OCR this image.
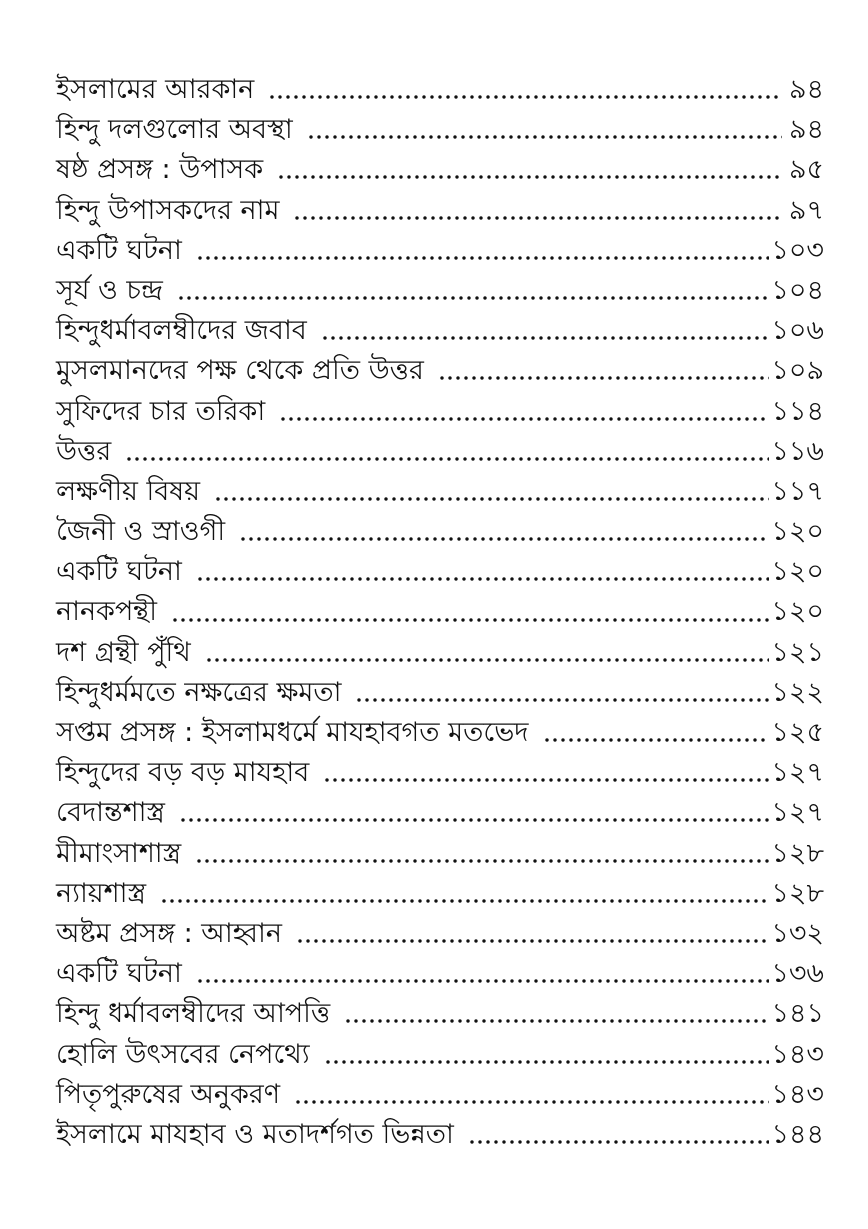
ইসলামের আরকান	৯৪
হিন্দু দলগুলোর অবস্থা	৯৪
ষষ্ঠ প্রসঙ্গ : উপাসক	৯৫
হিন্দু উপাসকদের নাম	৯৭
একটি ঘটনা	১০৩
সূর্য ও চন্দ্র	১০৪
হিন্দুধর্মাবলম্বীদের জবাব	১০৬
মুসলমানদের পক্ষ থেকে প্রতি উত্তর	১০৯
সুফিদের চার তরিকা	১১৪
উত্তর	১১৬
লক্ষণীয় বিষয়	১১৭
জৈনী ও স্রাওগী	১২০
একটি ঘটনা	১২০
নানকপন্থী	১২০
দশ গ্রন্থী পুঁথি	১২১
হিন্দুধর্মমতে নক্ষত্রের ক্ষমতা	১২২
সপ্তম প্রসঙ্গ : ইসলামধর্মে মাযহাবগত মতভেদ	১২৫
হিন্দুদের বড় বড় মাযহাব	১২৭
বেদান্তশাস্ত্র	১২৭
মীমাংসাশাস্ত্র	১২৮
ন্যায়শাস্ত্র	১২৮
অষ্টম প্রসঙ্গ : আহ্বান	১৩২
একটি ঘটনা	১৩৬
হিন্দু ধর্মাবলম্বীদের আপত্তি	১৪১
হোলি উৎসবের নেপথ্যে	১৪৩
পিতৃপুরুষের অনুকরণ	১৪৩
ইসলামে মাযহাব ও মতাদর্শগত ভিন্নতা	১৪৪
